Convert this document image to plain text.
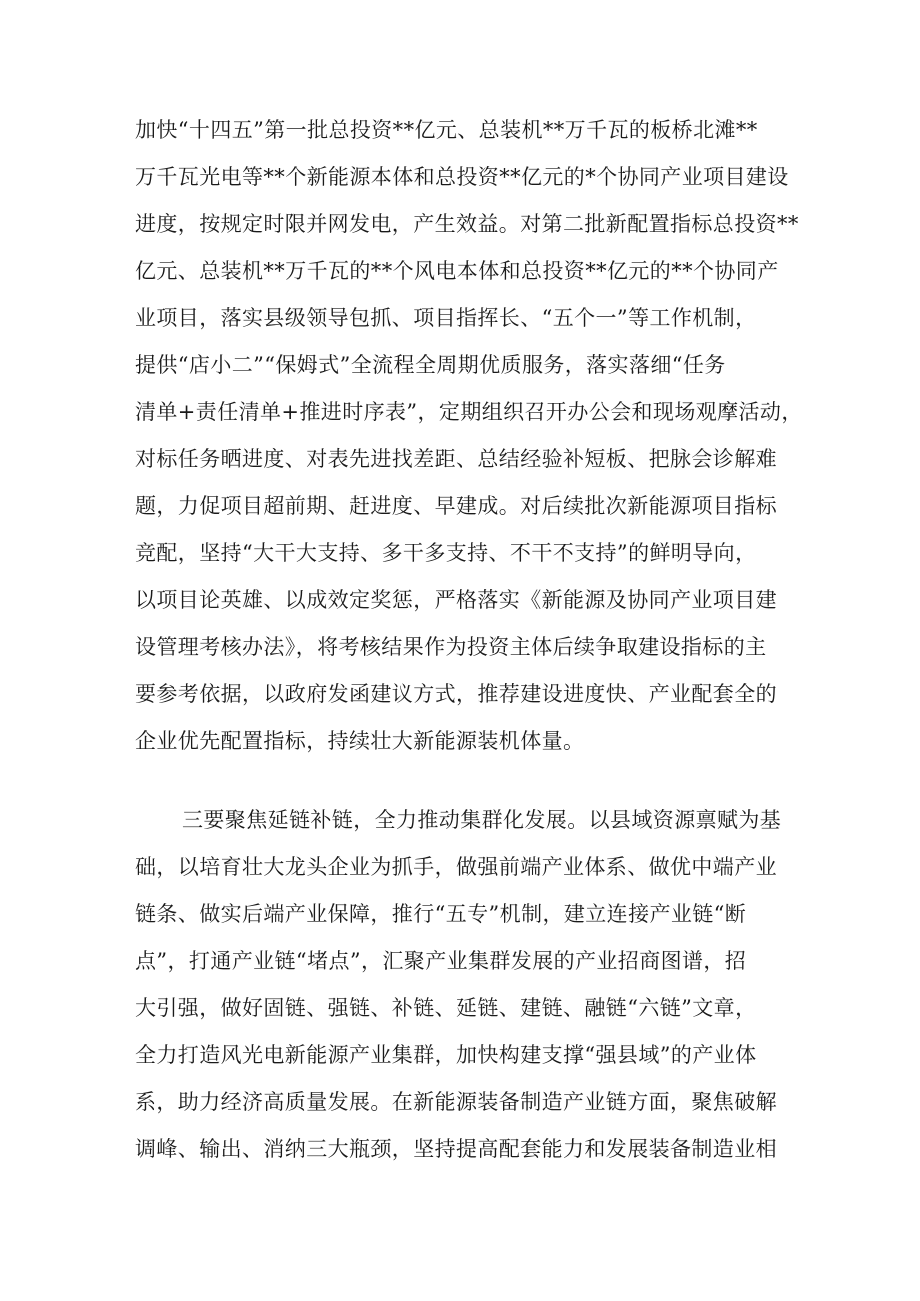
加快“十四五”第一批总投资**亿元、总装机**万千瓦的板桥北滩**
万千瓦光电等**个新能源本体和总投资**亿元的*个协同产业项目建设
进度，按规定时限并网发电，产生效益。对第二批新配置指标总投资**
亿元、总装机**万千瓦的**个风电本体和总投资**亿元的**个协同产
业项目，落实县级领导包抓、项目指挥长、“五个一”等工作机制，
提供“店小二”“保姆式”全流程全周期优质服务，落实落细“任务
清单+责任清单+推进时序表”，定期组织召开办公会和现场观摩活动，
对标任务晒进度、对表先进找差距、总结经验补短板、把脉会诊解难
题，力促项目超前期、赶进度、早建成。对后续批次新能源项目指标
竞配，坚持“大干大支持、多干多支持、不干不支持”的鲜明导向，
以项目论英雄、以成效定奖惩，严格落实《新能源及协同产业项目建
设管理考核办法》，将考核结果作为投资主体后续争取建设指标的主
要参考依据，以政府发函建议方式，推荐建设进度快、产业配套全的
企业优先配置指标，持续壮大新能源装机体量。
三要聚焦延链补链，全力推动集群化发展。以县域资源禀赋为基
础，以培育壮大龙头企业为抓手，做强前端产业体系、做优中端产业
链条、做实后端产业保障，推行“五专”机制，建立连接产业链“断
点”，打通产业链“堵点”，汇聚产业集群发展的产业招商图谱，招
大引强，做好固链、强链、补链、延链、建链、融链“六链”文章，
全力打造风光电新能源产业集群，加快构建支撑“强县域”的产业体
系，助力经济高质量发展。在新能源装备制造产业链方面，聚焦破解
调峰、输出、消纳三大瓶颈，坚持提高配套能力和发展装备制造业相
